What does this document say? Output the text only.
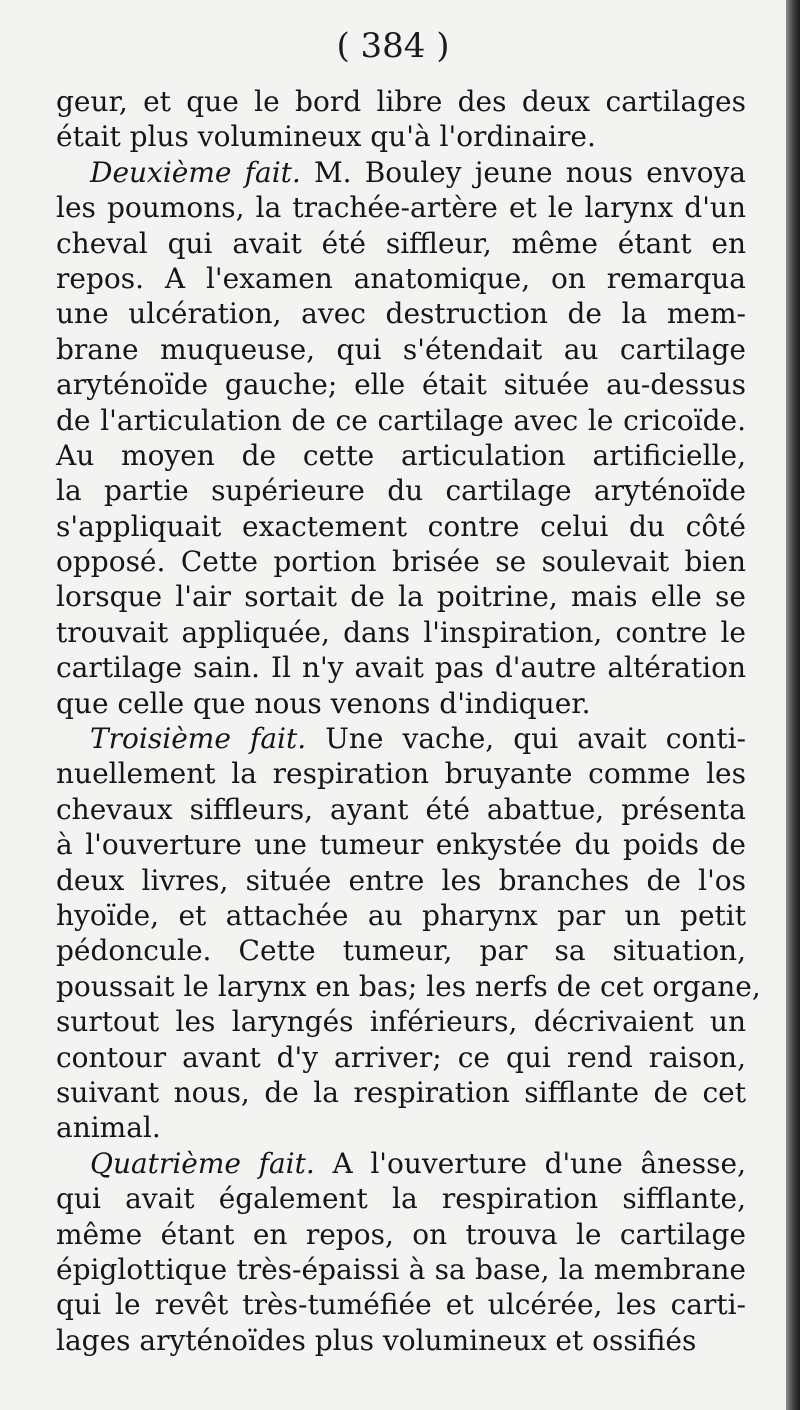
( 384 )
geur, et que le bord libre des deux cartilages
était plus volumineux qu'à l'ordinaire.
Deuxième fait. M. Bouley jeune nous envoya
les poumons, la trachée-artère et le larynx d'un
cheval qui avait été siffleur, même étant en
repos. A l'examen anatomique, on remarqua
une ulcération, avec destruction de la mem-
brane muqueuse, qui s'étendait au cartilage
aryténoïde gauche; elle était située au-dessus
de l'articulation de ce cartilage avec le cricoïde.
Au moyen de cette articulation artificielle,
la partie supérieure du cartilage aryténoïde
s'appliquait exactement contre celui du côté
opposé. Cette portion brisée se soulevait bien
lorsque l'air sortait de la poitrine, mais elle se
trouvait appliquée, dans l'inspiration, contre le
cartilage sain. Il n'y avait pas d'autre altération
que celle que nous venons d'indiquer.
Troisième fait. Une vache, qui avait conti-
nuellement la respiration bruyante comme les
chevaux siffleurs, ayant été abattue, présenta
à l'ouverture une tumeur enkystée du poids de
deux livres, située entre les branches de l'os
hyoïde, et attachée au pharynx par un petit
pédoncule. Cette tumeur, par sa situation,
poussait le larynx en bas; les nerfs de cet organe,
surtout les laryngés inférieurs, décrivaient un
contour avant d'y arriver; ce qui rend raison,
suivant nous, de la respiration sifflante de cet
animal.
Quatrième fait. A l'ouverture d'une ânesse,
qui avait également la respiration sifflante,
même étant en repos, on trouva le cartilage
épiglottique très-épaissi à sa base, la membrane
qui le revêt très-tuméfiée et ulcérée, les carti-
lages aryténoïdes plus volumineux et ossifiés
